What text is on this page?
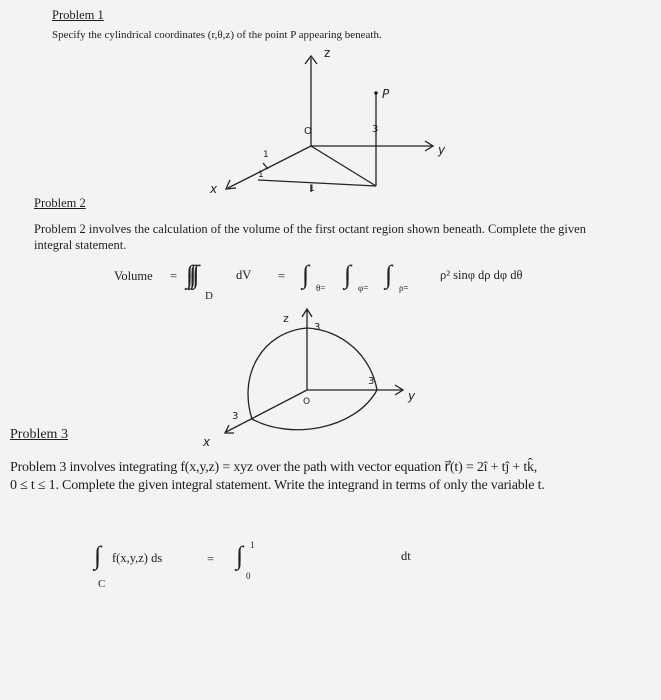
Problem 1
Specify the cylindrical coordinates (r,θ,z) of the point P appearing beneath.
z
P
y
x
O	3
1
1
1
Problem 2
Problem 2 involves the calculation of the volume of the first octant region shown beneath. Complete the given
integral statement.
Volume = ∫∫∫
D
dV = ∫ θ= ∫ φ= ∫ ρ=
ρ² sinφ dρ dφ dθ
z
3
3
3
O	y
x
Problem 3
Problem 3 involves integrating f(x,y,z) = xyz over the path with vector equation r⃗(t) = 2î + tĵ + tk̂,
0 ≤ t ≤ 1. Complete the given integral statement. Write the integrand in terms of only the variable t.
∫
C
f(x,y,z) ds	= ∫ 1
0
dt
